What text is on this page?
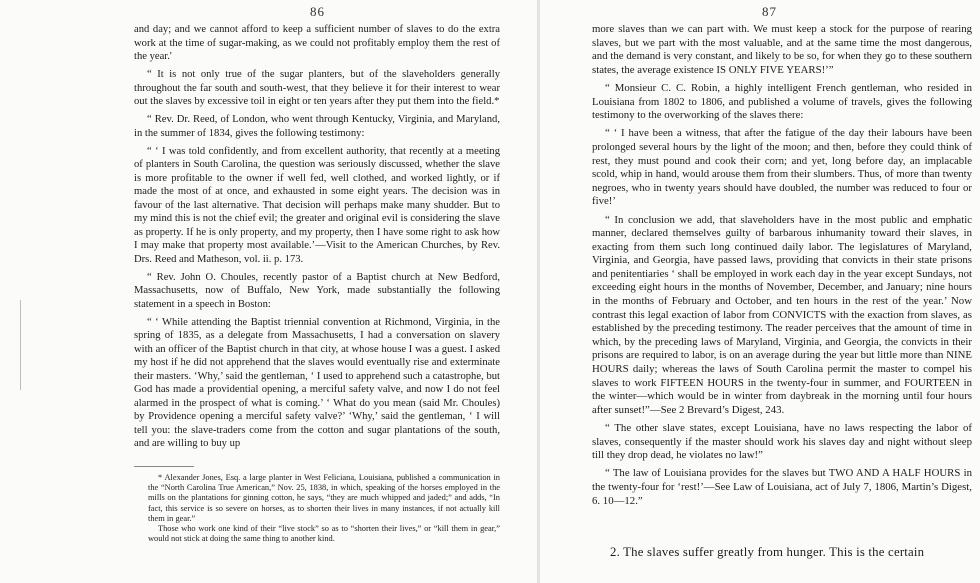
86

and day; and we cannot afford to keep a sufficient number of slaves to do the extra work at the time of sugar-making, as we could not profitably employ them the rest of the year.'

“ It is not only true of the sugar planters, but of the slaveholders generally throughout the far south and south-west, that they believe it for their interest to wear out the slaves by excessive toil in eight or ten years after they put them into the field.*

“ Rev. Dr. Reed, of London, who went through Kentucky, Virginia, and Maryland, in the summer of 1834, gives the following testimony:

“ ‘ I was told confidently, and from excellent authority, that recently at a meeting of planters in South Carolina, the question was seriously discussed, whether the slave is more profitable to the owner if well fed, well clothed, and worked lightly, or if made the most of at once, and exhausted in some eight years. The decision was in favour of the last alternative. That decision will perhaps make many shudder. But to my mind this is not the chief evil; the greater and original evil is considering the slave as property. If he is only property, and my property, then I have some right to ask how I may make that property most available.’—Visit to the American Churches, by Rev. Drs. Reed and Matheson, vol. ii. p. 173.

“ Rev. John O. Choules, recently pastor of a Baptist church at New Bedford, Massachusetts, now of Buffalo, New York, made substantially the following statement in a speech in Boston:

“ ‘ While attending the Baptist triennial convention at Richmond, Virginia, in the spring of 1835, as a delegate from Massachusetts, I had a conversation on slavery with an officer of the Baptist church in that city, at whose house I was a guest. I asked my host if he did not apprehend that the slaves would eventually rise and exterminate their masters. ‘Why,’ said the gentleman, ‘ I used to apprehend such a catastrophe, but God has made a providential opening, a merciful safety valve, and now I do not feel alarmed in the prospect of what is coming.’ ‘ What do you mean (said Mr. Choules) by Providence opening a merciful safety valve?’ ‘Why,’ said the gentleman, ‘ I will tell you: the slave-traders come from the cotton and sugar plantations of the south, and are willing to buy up

* Alexander Jones, Esq. a large planter in West Feliciana, Louisiana, published a communication in the “North Carolina True American,” Nov. 25, 1838, in which, speaking of the horses employed in the mills on the plantations for ginning cotton, he says, “they are much whipped and jaded;” and adds, “In fact, this service is so severe on horses, as to shorten their lives in many instances, if not actually kill them in gear.”

Those who work one kind of their “live stock” so as to “shorten their lives,” or “kill them in gear,” would not stick at doing the same thing to another kind.

87

more slaves than we can part with. We must keep a stock for the purpose of rearing slaves, but we part with the most valuable, and at the same time the most dangerous, and the demand is very constant, and likely to be so, for when they go to these southern states, the average existence IS ONLY FIVE YEARS!’”

“ Monsieur C. C. Robin, a highly intelligent French gentleman, who resided in Louisiana from 1802 to 1806, and published a volume of travels, gives the following testimony to the overworking of the slaves there:

“ ‘ I have been a witness, that after the fatigue of the day their labours have been prolonged several hours by the light of the moon; and then, before they could think of rest, they must pound and cook their corn; and yet, long before day, an implacable scold, whip in hand, would arouse them from their slumbers. Thus, of more than twenty negroes, who in twenty years should have doubled, the number was reduced to four or five!’

“ In conclusion we add, that slaveholders have in the most public and emphatic manner, declared themselves guilty of barbarous inhumanity toward their slaves, in exacting from them such long continued daily labor. The legislatures of Maryland, Virginia, and Georgia, have passed laws, providing that convicts in their state prisons and penitentiaries ‘ shall be employed in work each day in the year except Sundays, not exceeding eight hours in the months of November, December, and January; nine hours in the months of February and October, and ten hours in the rest of the year.’ Now contrast this legal exaction of labor from CONVICTS with the exaction from slaves, as established by the preceding testimony. The reader perceives that the amount of time in which, by the preceding laws of Maryland, Virginia, and Georgia, the convicts in their prisons are required to labor, is on an average during the year but little more than NINE HOURS daily; whereas the laws of South Carolina permit the master to compel his slaves to work FIFTEEN HOURS in the twenty-four in summer, and FOURTEEN in the winter—which would be in winter from daybreak in the morning until four hours after sunset!”—See 2 Brevard’s Digest, 243.

“ The other slave states, except Louisiana, have no laws respecting the labor of slaves, consequently if the master should work his slaves day and night without sleep till they drop dead, he violates no law!”

“ The law of Louisiana provides for the slaves but TWO AND A HALF HOURS in the twenty-four for ‘rest!’—See Law of Louisiana, act of July 7, 1806, Martin’s Digest, 6. 10—12.”

2. The slaves suffer greatly from hunger. This is the certain
